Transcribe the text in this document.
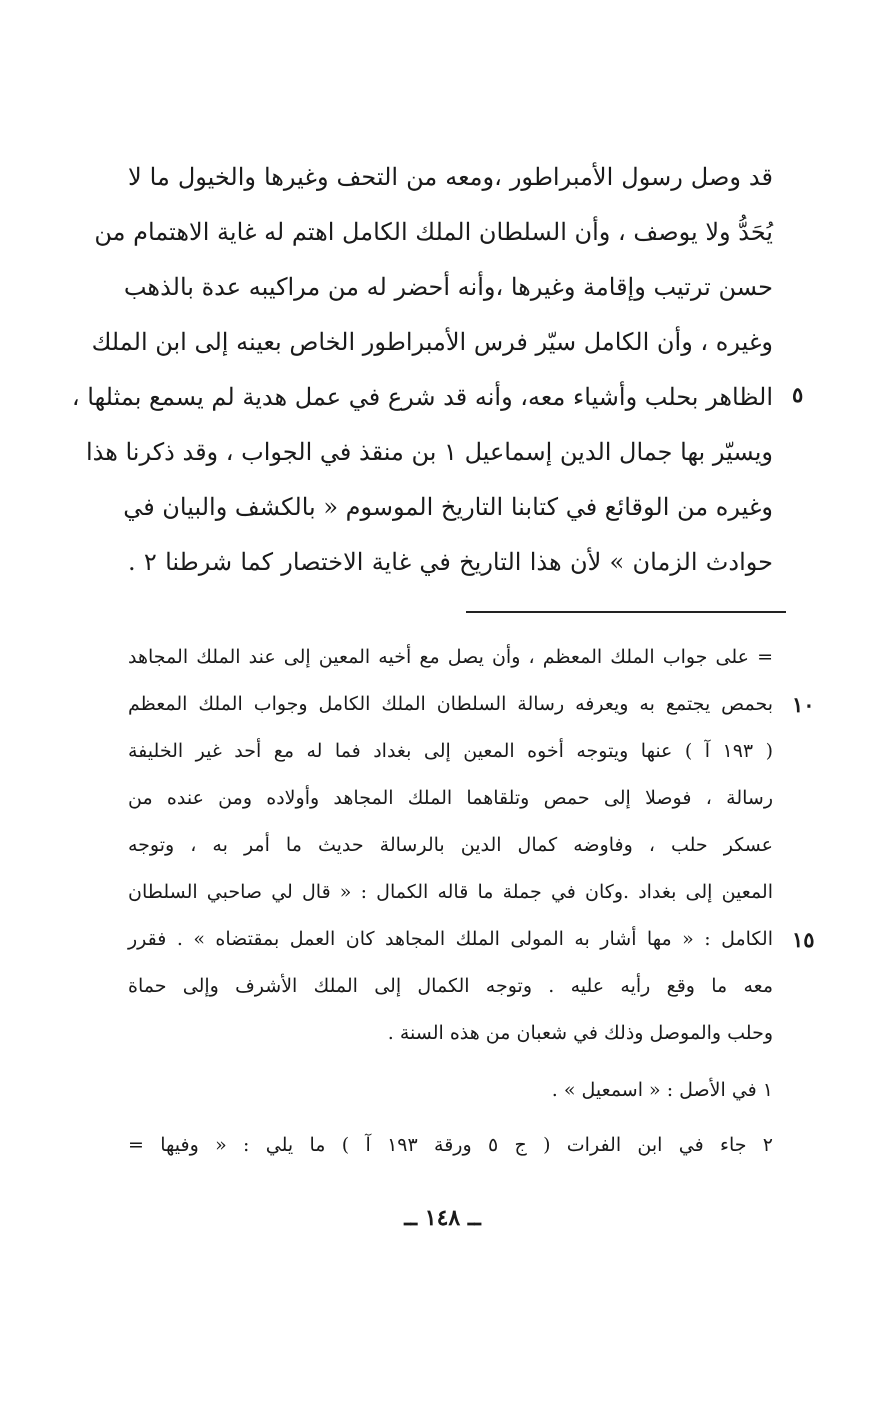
قد وصل رسول الأمبراطور ،ومعه من التحف وغيرها والخيول ما لا
يُحَدُّ ولا يوصف ، وأن السلطان الملك الكامل اهتم له غاية الاهتمام من
حسن ترتيب وإقامة وغيرها ،وأنه أحضر له من مراكيبه عدة بالذهب
وغيره ، وأن الكامل سيّر فرس الأمبراطور الخاص بعينه إلى ابن الملك
الظاهر بحلب وأشياء معه، وأنه قد شرع في عمل هدية لم يسمع بمثلها ،
ويسيّر بها جمال الدين إسماعيل ١ بن منقذ في الجواب ، وقد ذكرنا هذا
وغيره من الوقائع في كتابنا التاريخ الموسوم « بالكشف والبيان في
حوادث الزمان » لأن هذا التاريخ في غاية الاختصار كما شرطنا ٢ .
٥
= على جواب الملك المعظم ، وأن يصل مع أخيه المعين إلى عند الملك المجاهد
بحمص يجتمع به ويعرفه رسالة السلطان الملك الكامل وجواب الملك المعظم
( ١٩٣ آ ) عنها ويتوجه أخوه المعين إلى بغداد فما له مع أحد غير الخليفة
رسالة ، فوصلا إلى حمص وتلقاهما الملك المجاهد وأولاده ومن عنده من
عسكر حلب ، وفاوضه كمال الدين بالرسالة حديث ما أمر به ، وتوجه
المعين إلى بغداد .وكان في جملة ما قاله الكمال : « قال لي صاحبي السلطان
الكامل : « مها أشار به المولى الملك المجاهد كان العمل بمقتضاه » . فقرر
معه ما وقع رأيه عليه . وتوجه الكمال إلى الملك الأشرف وإلى حماة
وحلب والموصل وذلك في شعبان من هذه السنة .
١٠
١٥
١ في الأصل : « اسمعيل » .
٢ جاء في ابن الفرات ( ج ٥ ورقة ١٩٣ آ ) ما يلي : « وفيها =
ــ ١٤٨ ــ
